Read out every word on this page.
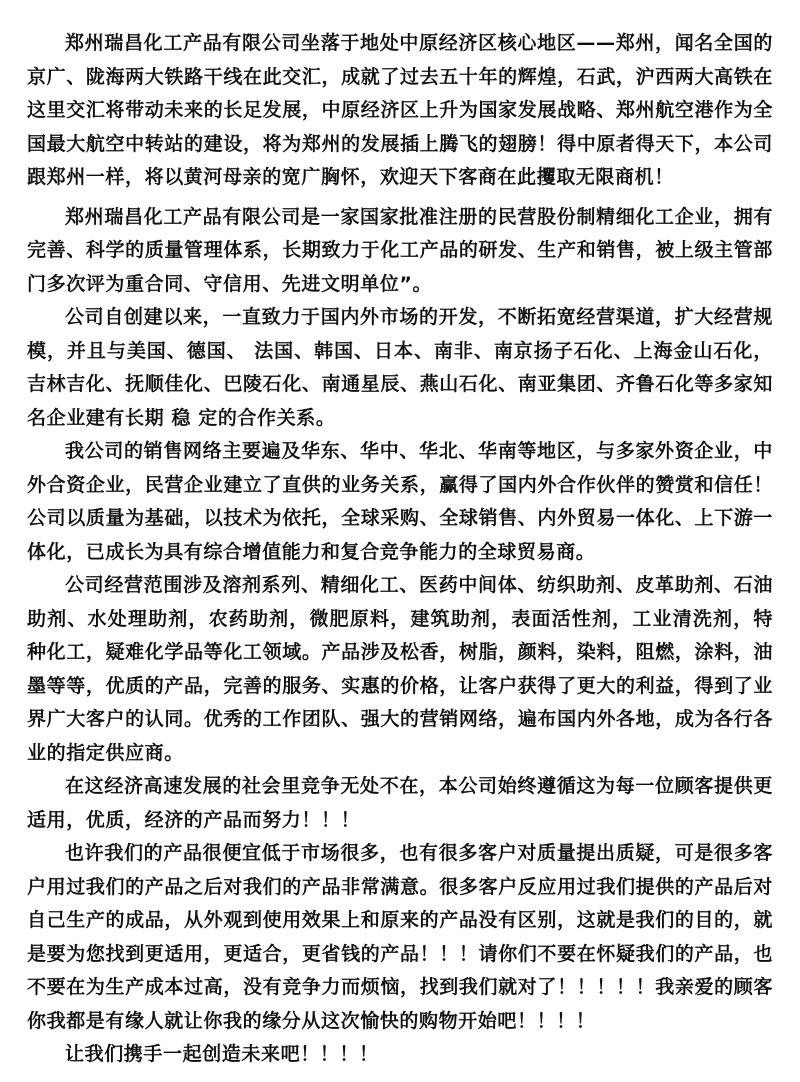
郑州瑞昌化工产品有限公司坐落于地处中原经济区核心地区——郑州，闻名全国的京广、陇海两大铁路干线在此交汇，成就了过去五十年的辉煌，石武，沪西两大高铁在这里交汇将带动未来的长足发展，中原经济区上升为国家发展战略、郑州航空港作为全国最大航空中转站的建设，将为郑州的发展插上腾飞的翅膀！得中原者得天下，本公司跟郑州一样，将以黄河母亲的宽广胸怀，欢迎天下客商在此攫取无限商机！

郑州瑞昌化工产品有限公司是一家国家批准注册的民营股份制精细化工企业，拥有完善、科学的质量管理体系，长期致力于化工产品的研发、生产和销售，被上级主管部门多次评为重合同、守信用、先进文明单位”。

公司自创建以来，一直致力于国内外市场的开发，不断拓宽经营渠道，扩大经营规模，并且与美国、德国、 法国、韩国、日本、南非、南京扬子石化、上海金山石化，吉林吉化、抚顺佳化、巴陵石化、南通星辰、燕山石化、南亚集团、齐鲁石化等多家知名企业建有长期 稳 定的合作关系。

我公司的销售网络主要遍及华东、华中、华北、华南等地区，与多家外资企业，中外合资企业，民营企业建立了直供的业务关系，赢得了国内外合作伙伴的赞赏和信任！公司以质量为基础，以技术为依托，全球采购、全球销售、内外贸易一体化、上下游一体化，已成长为具有综合增值能力和复合竞争能力的全球贸易商。

公司经营范围涉及溶剂系列、精细化工、医药中间体、纺织助剂、皮革助剂、石油助剂、水处理助剂，农药助剂，微肥原料，建筑助剂，表面活性剂，工业清洗剂，特 种化工，疑难化学品等化工领域。产品涉及松香，树脂，颜料，染料，阻燃，涂料，油墨等等，优质的产品，完善的服务、实惠的价格，让客户获得了更大的利益，得到了业界广大客户的认同。优秀的工作团队、强大的营销网络，遍布国内外各地，成为各行各业的指定供应商。

在这经济高速发展的社会里竞争无处不在，本公司始终遵循这为每一位顾客提供更适用，优质，经济的产品而努力！！！

也许我们的产品很便宜低于市场很多，也有很多客户对质量提出质疑，可是很多客户用过我们的产品之后对我们的产品非常满意。很多客户反应用过我们提供的产品后对自己生产的成品，从外观到使用效果上和原来的产品没有区别，这就是我们的目的，就是要为您找到更适用，更适合，更省钱的产品！！！请你们不要在怀疑我们的产品，也不要在为生产成本过高，没有竞争力而烦恼，找到我们就对了！！！！！我亲爱的顾客你我都是有缘人就让你我的缘分从这次愉快的购物开始吧！！！！

让我们携手一起创造未来吧！！！！
